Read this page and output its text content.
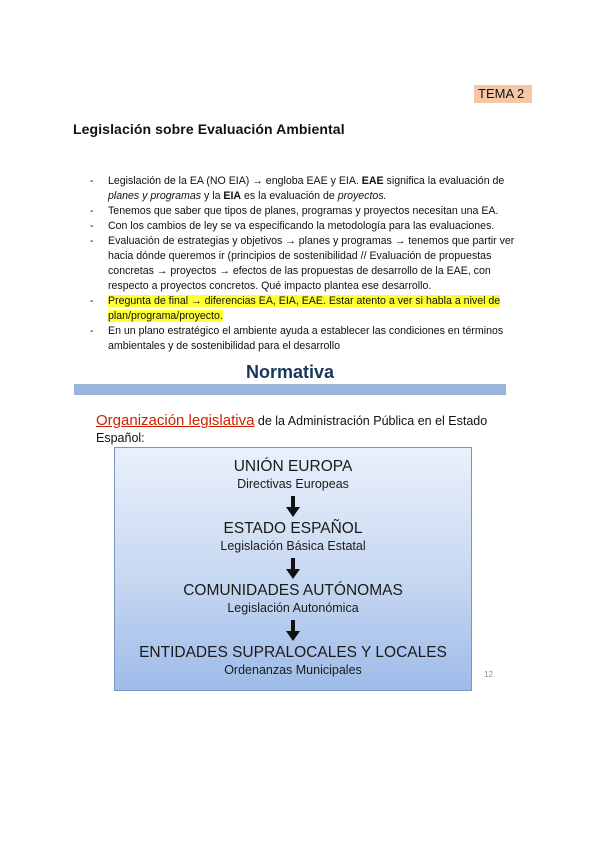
TEMA 2
Legislación sobre Evaluación Ambiental
- Legislación de la EA (NO EIA) → engloba EAE y EIA. EAE significa la evaluación de planes y programas y la EIA es la evaluación de proyectos.
- Tenemos que saber que tipos de planes, programas y proyectos necesitan una EA.
- Con los cambios de ley se va especificando la metodología para las evaluaciones.
- Evaluación de estrategias y objetivos → planes y programas → tenemos que partir ver hacia dónde queremos ir (principios de sostenibilidad // Evaluación de propuestas concretas → proyectos → efectos de las propuestas de desarrollo de la EAE, con respecto a proyectos concretos. Qué impacto plantea ese desarrollo.
- Pregunta de final → diferencias EA, EIA, EAE. Estar atento a ver si habla a nivel de plan/programa/proyecto.
- En un plano estratégico el ambiente ayuda a establecer las condiciones en términos ambientales y de sostenibilidad para el desarrollo
Normativa
Organización legislativa de la Administración Pública en el Estado Español:
UNIÓN EUROPA
Directivas Europeas
ESTADO ESPAÑOL
Legislación Básica Estatal
COMUNIDADES AUTÓNOMAS
Legislación Autonómica
ENTIDADES SUPRALOCALES Y LOCALES
Ordenanzas Municipales	12
